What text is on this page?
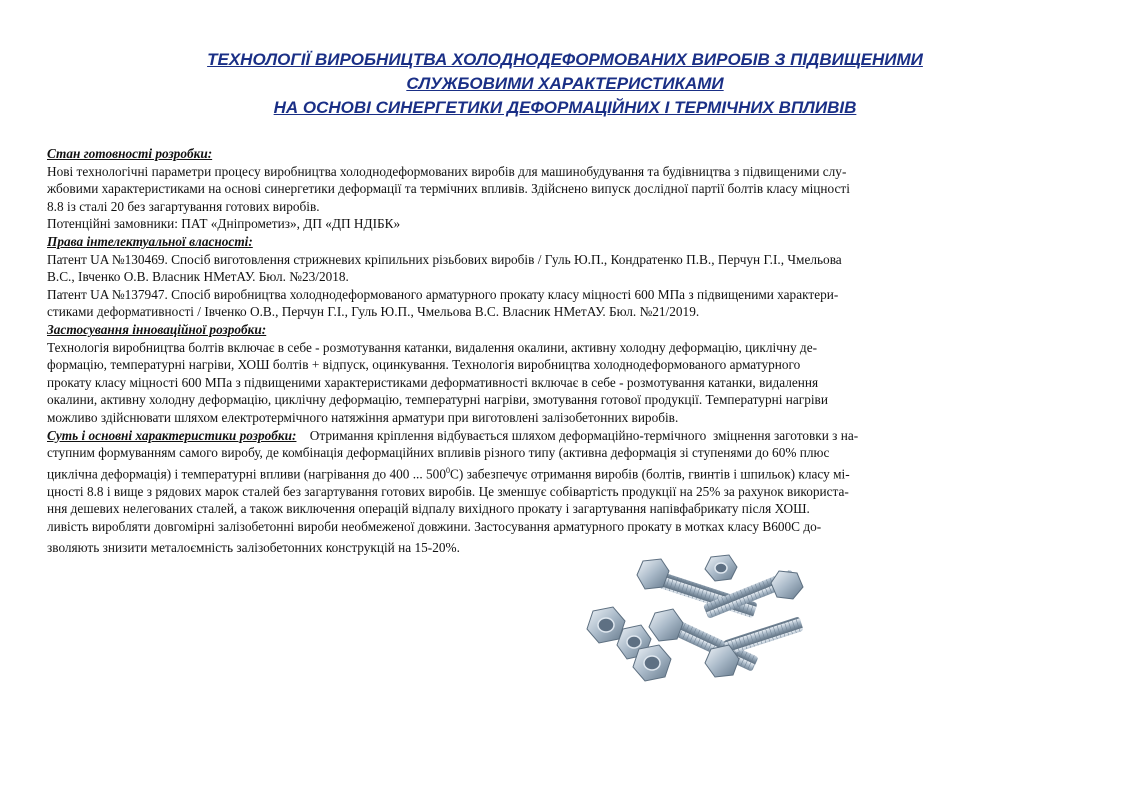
ТЕХНОЛОГІЇ ВИРОБНИЦТВА ХОЛОДНОДЕФОРМОВАНИХ ВИРОБІВ З ПІДВИЩЕНИМИ
СЛУЖБОВИМИ ХАРАКТЕРИСТИКАМИ
НА ОСНОВІ СИНЕРГЕТИКИ ДЕФОРМАЦІЙНИХ І ТЕРМІЧНИХ ВПЛИВІВ

Стан готовності розробки:
Нові технологічні параметри процесу виробництва холоднодеформованих виробів для машинобудування та будівництва з підвищеними слу-
жбовими характеристиками на основі синергетики деформації та термічних впливів. Здійснено випуск дослідної партії болтів класу міцності
8.8 із сталі 20 без загартування готових виробів.
Потенційні замовники: ПАТ «Дніпрометиз», ДП «ДП НДІБК»

Права інтелектуальної власності:
Патент UA №130469. Спосіб виготовлення стрижневих кріпильних різьбових виробів / Гуль Ю.П., Кондратенко П.В., Перчун Г.І., Чмельова
В.С., Івченко О.В. Власник НМетАУ. Бюл. №23/2018.
Патент UA №137947. Спосіб виробництва холоднодеформованого арматурного прокату класу міцності 600 МПа з підвищеними характери-
стиками деформативності / Івченко О.В., Перчун Г.І., Гуль Ю.П., Чмельова В.С. Власник НМетАУ. Бюл. №21/2019.

Застосування інноваційної розробки:
Технологія виробництва болтів включає в себе - розмотування катанки, видалення окалини, активну холодну деформацію, циклічну де-
формацію, температурні нагріви, ХОШ болтів + відпуск, оцинкування. Технологія виробництва холоднодеформованого арматурного
прокату класу міцності 600 МПа з підвищеними характеристиками деформативності включає в себе - розмотування катанки, видалення
окалини, активну холодну деформацію, циклічну деформацію, температурні нагріви, змотування готової продукції. Температурні нагріви
можливо здійснювати шляхом електротермічного натяжіння арматури при виготовлені залізобетонних виробів.

Суть і основні характеристики розробки:    Отримання кріплення відбувається шляхом деформаційно-термічного  зміцнення заготовки з на-
ступним формуванням самого виробу, де комбінація деформаційних впливів різного типу (активна деформація зі ступенями до 60% плюс
циклічна деформація) і температурні впливи (нагрівання до 400 ... $500^0С$) забезпечує отримання виробів (болтів, гвинтів і шпильок) класу мі-
цності 8.8 і вище з рядових марок сталей без загартування готових виробів. Це зменшує собівартість продукції на 25% за рахунок використа-
ння дешевих нелегованих сталей, а також виключення операцій відпалу вихідного прокату і загартування напівфабрикату після ХОШ.
ливість виробляти довгомірні залізобетонні вироби необмеженої довжини. Застосування арматурного прокату в мотках класу В600С до-
зволяють знизити металоємність залізобетонних конструкцій на 15-20%.
